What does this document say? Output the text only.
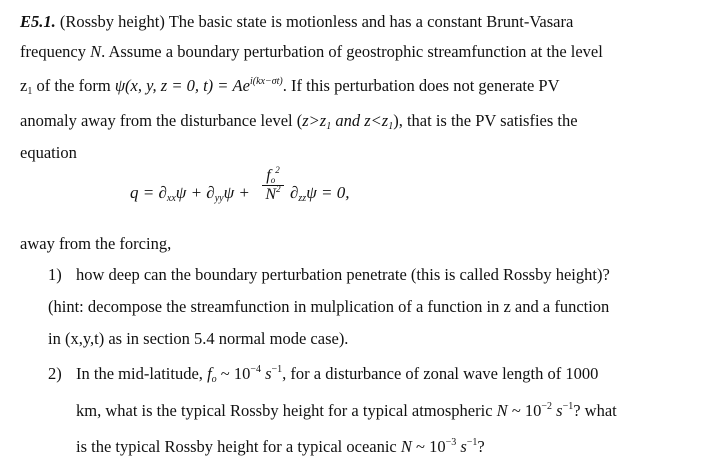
E5.1. (Rossby height) The basic state is motionless and has a constant Brunt-Vasara
frequency N. Assume a boundary perturbation of geostrophic streamfunction at the level
$z_1$ of the form ψ(x, y, z = 0, $t) = Ae^{i(kx-\sigma t)}$. If this perturbation does not generate PV
anomaly away from the disturbance level ($z>z_1$ and $z<z_1$), that is the PV satisfies the
equation
$q = \partial_{xx}\psi + \partial_{yy}\psi$ +
$f_o^2$
$N^2$ $\partial_{zz}\psi = 0$,
away from the forcing,
1) how deep can the boundary perturbation penetrate (this is called Rossby height)?
(hint: decompose the streamfunction in mulplication of a function in z and a function
in (x,y,t) as in section 5.4 normal mode case).
2) In the mid-latitude, $f_o$ ~ $10^{-4}$ $s^{-1}$, for a disturbance of zonal wave length of 1000
km, what is the typical Rossby height for a typical atmospheric N ~ $10^{-2}$ $s^{-1}$? what
is the typical Rossby height for a typical oceanic N ~ $10^{-3}$ $s^{-1}$?
